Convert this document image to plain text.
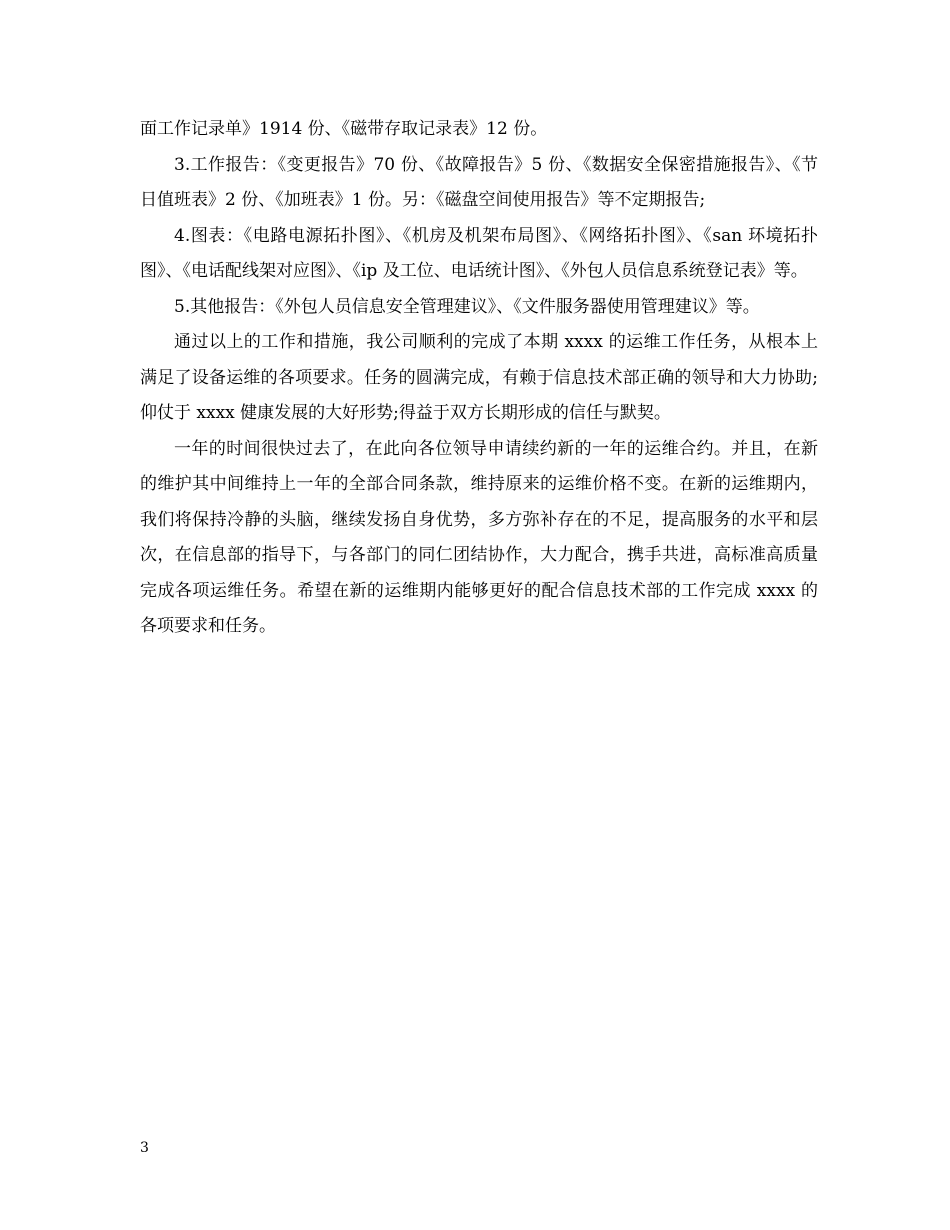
面工作记录单》1914 份、《磁带存取记录表》12 份。

3.工作报告：《变更报告》70 份、《故障报告》5 份、《数据安全保密措施报告》、《节日值班表》2 份、《加班表》1 份。另：《磁盘空间使用报告》等不定期报告;

4.图表：《电路电源拓扑图》、《机房及机架布局图》、《网络拓扑图》、《san 环境拓扑图》、《电话配线架对应图》、《ip 及工位、电话统计图》、《外包人员信息系统登记表》等。

5.其他报告：《外包人员信息安全管理建议》、《文件服务器使用管理建议》等。

通过以上的工作和措施，我公司顺利的完成了本期 xxxx 的运维工作任务，从根本上满足了设备运维的各项要求。任务的圆满完成，有赖于信息技术部正确的领导和大力协助;仰仗于 xxxx 健康发展的大好形势;得益于双方长期形成的信任与默契。

一年的时间很快过去了，在此向各位领导申请续约新的一年的运维合约。并且，在新的维护其中间维持上一年的全部合同条款，维持原来的运维价格不变。在新的运维期内，我们将保持冷静的头脑，继续发扬自身优势，多方弥补存在的不足，提高服务的水平和层次，在信息部的指导下，与各部门的同仁团结协作，大力配合，携手共进，高标准高质量完成各项运维任务。希望在新的运维期内能够更好的配合信息技术部的工作完成 xxxx 的各项要求和任务。

3
